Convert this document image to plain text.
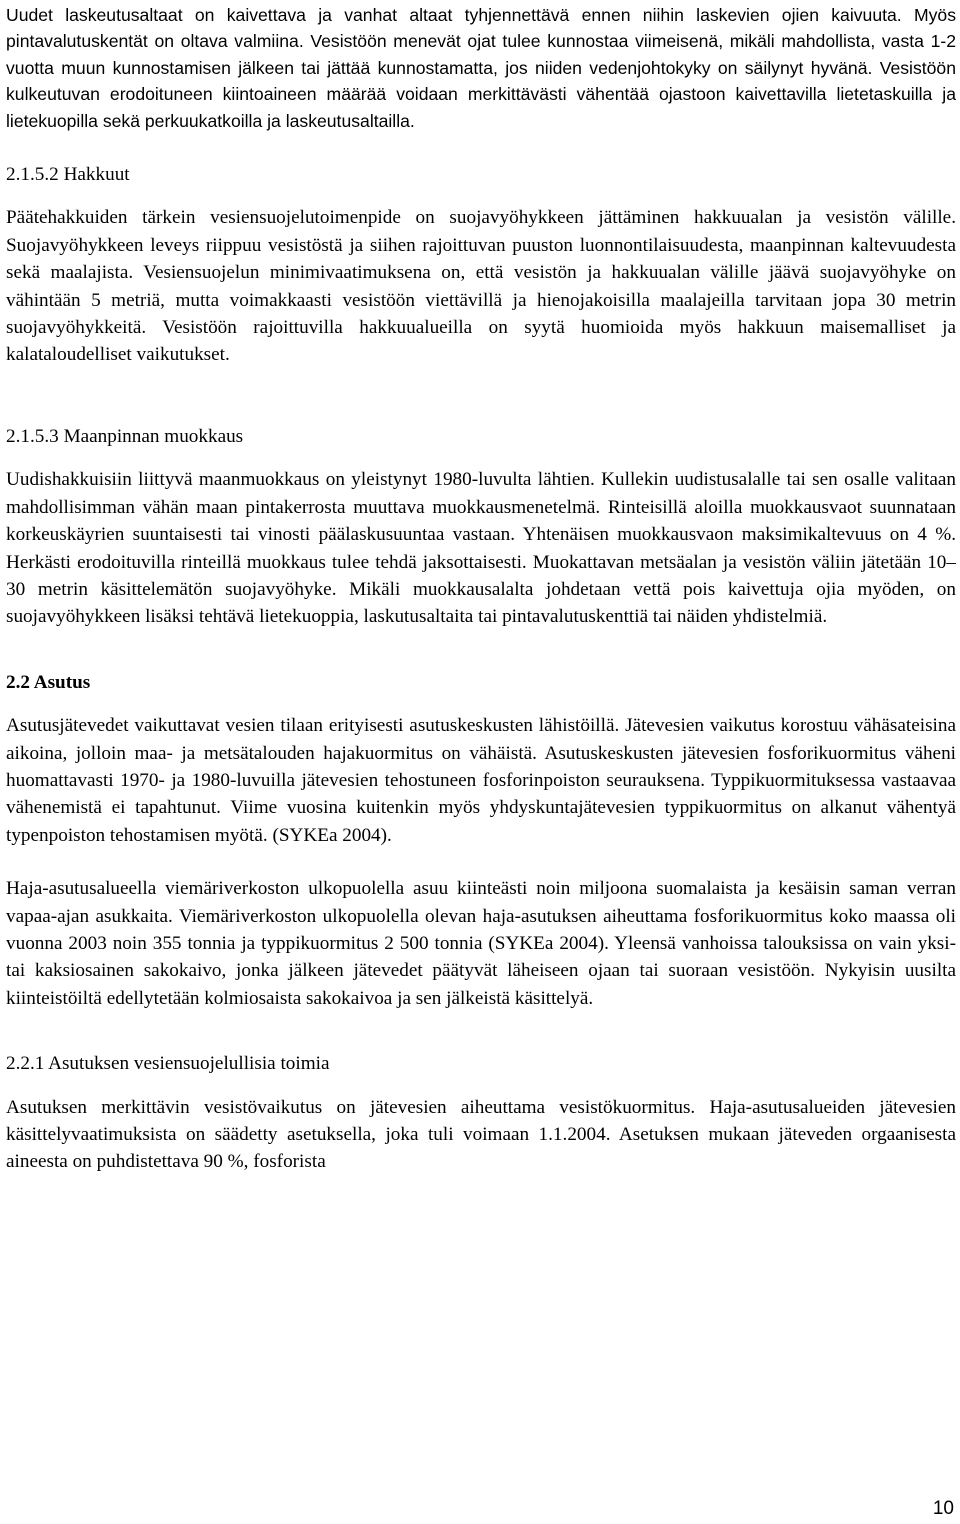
Uudet laskeutusaltaat on kaivettava ja vanhat altaat tyhjennettävä ennen niihin laskevien ojien kaivuuta. Myös pintavalutuskentät on oltava valmiina. Vesistöön menevät ojat tulee kunnostaa viimeisenä, mikäli mahdollista, vasta 1-2 vuotta muun kunnostamisen jälkeen tai jättää kunnostamatta, jos niiden vedenjohtokyky on säilynyt hyvänä. Vesistöön kulkeutuvan erodoituneen kiintoaineen määrää voidaan merkittävästi vähentää ojastoon kaivettavilla lietetaskuilla ja lietekuopilla sekä perkuukatkoilla ja laskeutusaltailla.

2.1.5.2 Hakkuut

Päätehakkuiden tärkein vesiensuojelutoimenpide on suojavyöhykkeen jättäminen hakkuualan ja vesistön välille. Suojavyöhykkeen leveys riippuu vesistöstä ja siihen rajoittuvan puuston luonnontilaisuudesta, maanpinnan kaltevuudesta sekä maalajista. Vesiensuojelun minimivaatimuksena on, että vesistön ja hakkuualan välille jäävä suojavyöhyke on vähintään 5 metriä, mutta voimakkaasti vesistöön viettävillä ja hienojakoisilla maalajeilla tarvitaan jopa 30 metrin suojavyöhykkeitä. Vesistöön rajoittuvilla hakkuualueilla on syytä huomioida myös hakkuun maisemalliset ja kalataloudelliset vaikutukset.

2.1.5.3 Maanpinnan muokkaus

Uudishakkuisiin liittyvä maanmuokkaus on yleistynyt 1980-luvulta lähtien. Kullekin uudistusalalle tai sen osalle valitaan mahdollisimman vähän maan pintakerrosta muuttava muokkausmenetelmä. Rinteisillä aloilla muokkausvaot suunnataan korkeuskäyrien suuntaisesti tai vinosti päälaskusuuntaa vastaan. Yhtenäisen muokkausvaon maksimikaltevuus on 4 %. Herkästi erodoituvilla rinteillä muokkaus tulee tehdä jaksottaisesti. Muokattavan metsäalan ja vesistön väliin jätetään 10–30 metrin käsittelemätön suojavyöhyke. Mikäli muokkausalalta johdetaan vettä pois kaivettuja ojia myöden, on suojavyöhykkeen lisäksi tehtävä lietekuoppia, laskutusaltaita tai pintavalutuskenttiä tai näiden yhdistelmiä.

2.2 Asutus

Asutusjätevedet vaikuttavat vesien tilaan erityisesti asutuskeskusten lähistöillä. Jätevesien vaikutus korostuu vähäsateisina aikoina, jolloin maa- ja metsätalouden hajakuormitus on vähäistä. Asutuskeskusten jätevesien fosforikuormitus väheni huomattavasti 1970- ja 1980-luvuilla jätevesien tehostuneen fosforinpoiston seurauksena. Typpikuormituksessa vastaavaa vähenemistä ei tapahtunut. Viime vuosina kuitenkin myös yhdyskuntajätevesien typpikuormitus on alkanut vähentyä typenpoiston tehostamisen myötä. (SYKEa 2004).

Haja-asutusalueella viemäriverkoston ulkopuolella asuu kiinteästi noin miljoona suomalaista ja kesäisin saman verran vapaa-ajan asukkaita. Viemäriverkoston ulkopuolella olevan haja-asutuksen aiheuttama fosforikuormitus koko maassa oli vuonna 2003 noin 355 tonnia ja typpikuormitus 2 500 tonnia (SYKEa 2004). Yleensä vanhoissa talouksissa on vain yksi- tai kaksiosainen sakokaivo, jonka jälkeen jätevedet päätyvät läheiseen ojaan tai suoraan vesistöön. Nykyisin uusilta kiinteistöiltä edellytetään kolmiosaista sakokaivoa ja sen jälkeistä käsittelyä.

2.2.1 Asutuksen vesiensuojelullisia toimia

Asutuksen merkittävin vesistövaikutus on jätevesien aiheuttama vesistökuormitus. Haja-asutusalueiden jätevesien käsittelyvaatimuksista on säädetty asetuksella, joka tuli voimaan 1.1.2004. Asetuksen mukaan jäteveden orgaanisesta aineesta on puhdistettava 90 %, fosforista

10
